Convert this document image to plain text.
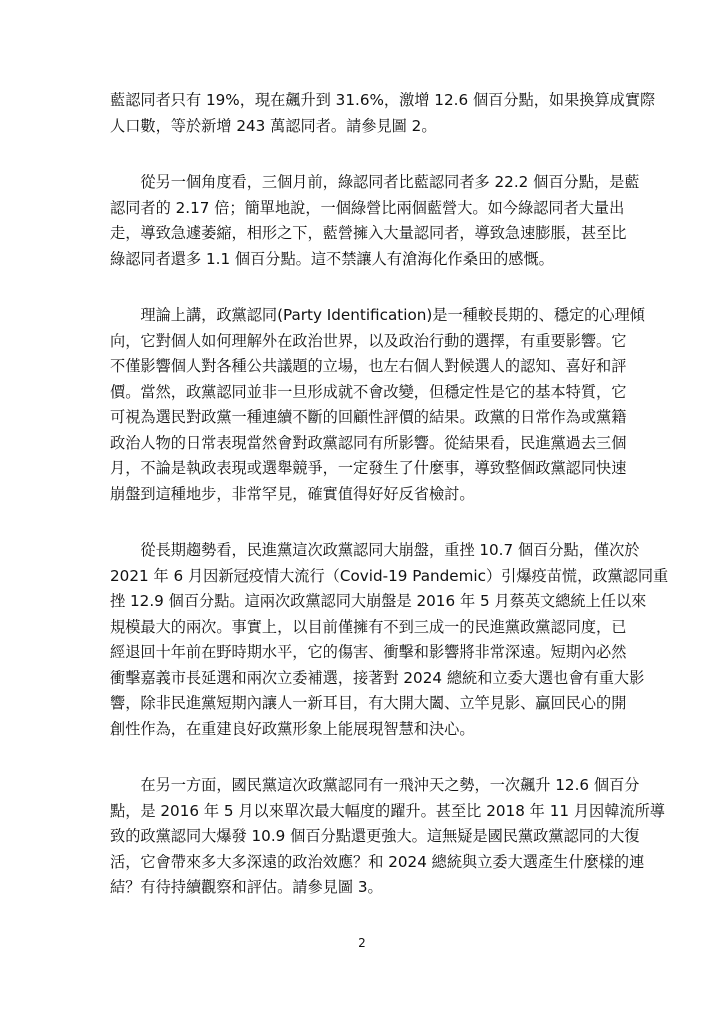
藍認同者只有 19%，現在飆升到 31.6%，激增 12.6 個百分點，如果換算成實際
人口數，等於新增 243 萬認同者。請參見圖 2。

　　從另一個角度看，三個月前，綠認同者比藍認同者多 22.2 個百分點，是藍
認同者的 2.17 倍；簡單地說，一個綠營比兩個藍營大。如今綠認同者大量出
走，導致急遽萎縮，相形之下，藍營擁入大量認同者，導致急速膨脹，甚至比
綠認同者還多 1.1 個百分點。這不禁讓人有滄海化作桑田的感慨。

　　理論上講，政黨認同(Party Identification)是一種較長期的、穩定的心理傾
向，它對個人如何理解外在政治世界，以及政治行動的選擇，有重要影響。它
不僅影響個人對各種公共議題的立場，也左右個人對候選人的認知、喜好和評
價。當然，政黨認同並非一旦形成就不會改變，但穩定性是它的基本特質，它
可視為選民對政黨一種連續不斷的回顧性評價的結果。政黨的日常作為或黨籍
政治人物的日常表現當然會對政黨認同有所影響。從結果看，民進黨過去三個
月，不論是執政表現或選舉競爭，一定發生了什麼事，導致整個政黨認同快速
崩盤到這種地步，非常罕見，確實值得好好反省檢討。

　　從長期趨勢看，民進黨這次政黨認同大崩盤，重挫 10.7 個百分點，僅次於
2021 年 6 月因新冠疫情大流行（Covid-19 Pandemic）引爆疫苗慌，政黨認同重
挫 12.9 個百分點。這兩次政黨認同大崩盤是 2016 年 5 月蔡英文總統上任以來
規模最大的兩次。事實上，以目前僅擁有不到三成一的民進黨政黨認同度，已
經退回十年前在野時期水平，它的傷害、衝擊和影響將非常深遠。短期內必然
衝擊嘉義市長延選和兩次立委補選，接著對 2024 總統和立委大選也會有重大影
響，除非民進黨短期內讓人一新耳目，有大開大闔、立竿見影、贏回民心的開
創性作為，在重建良好政黨形象上能展現智慧和決心。

　　在另一方面，國民黨這次政黨認同有一飛沖天之勢，一次飆升 12.6 個百分
點，是 2016 年 5 月以來單次最大幅度的躍升。甚至比 2018 年 11 月因韓流所導
致的政黨認同大爆發 10.9 個百分點還更強大。這無疑是國民黨政黨認同的大復
活，它會帶來多大多深遠的政治效應？和 2024 總統與立委大選產生什麼樣的連
結？有待持續觀察和評估。請參見圖 3。

2
